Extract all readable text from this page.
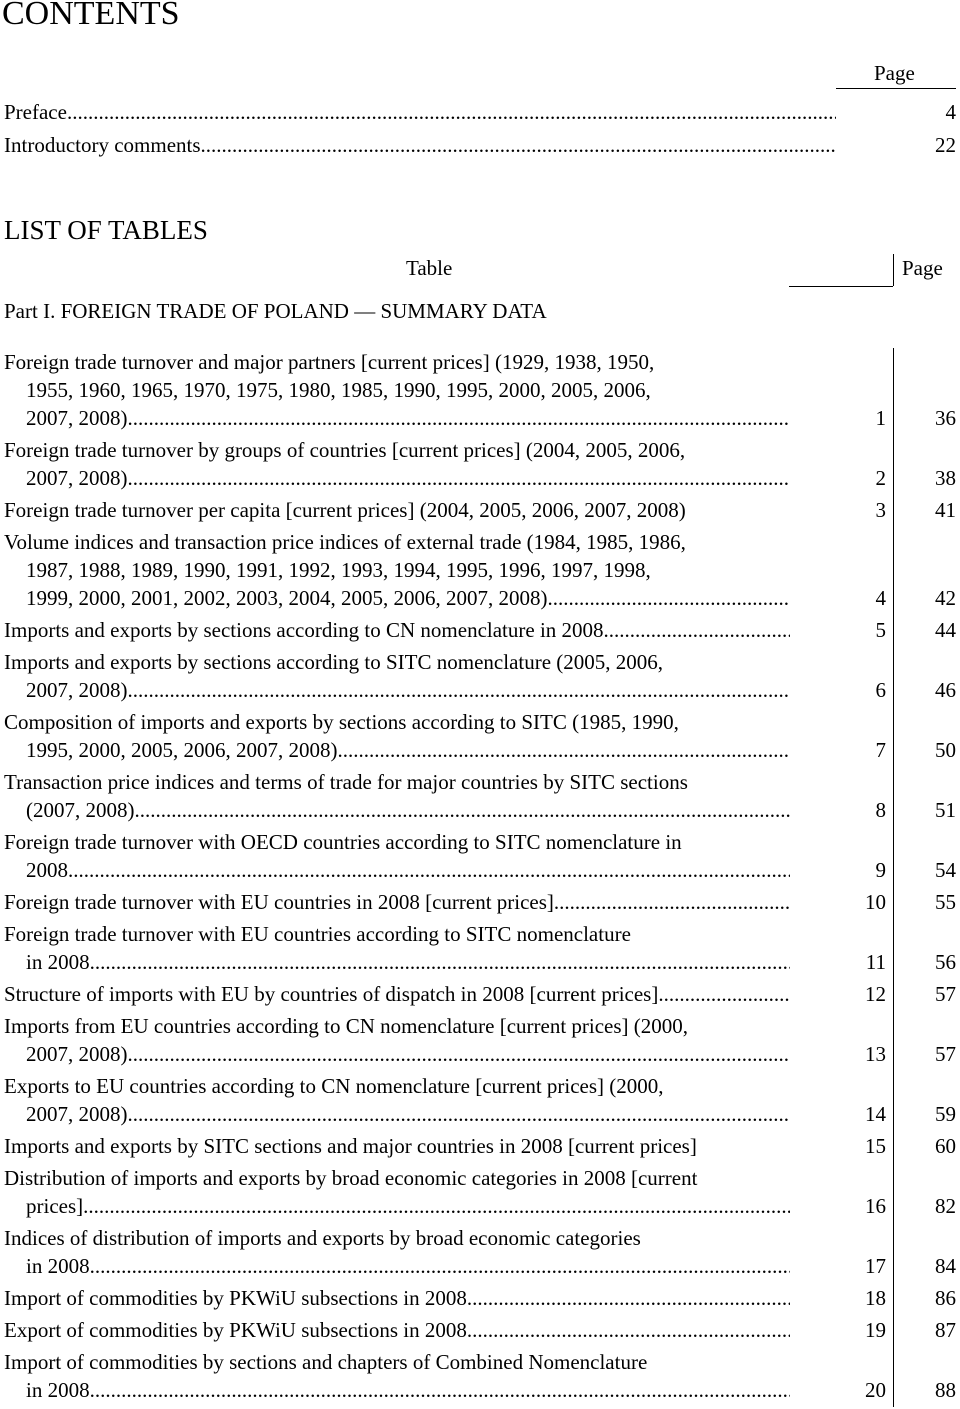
CONTENTS
Page
Preface .....	4
Introductory comments .....	22
LIST OF TABLES
Table	Page
Part I. FOREIGN TRADE OF POLAND — SUMMARY DATA
Foreign trade turnover and major partners [current prices] (1929, 1938, 1950,
1955, 1960, 1965, 1970, 1975, 1980, 1985, 1990, 1995, 2000, 2005, 2006,
2007, 2008) .....	1	36
Foreign trade turnover by groups of countries [current prices] (2004, 2005, 2006,
2007, 2008) .....	2	38
Foreign trade turnover per capita [current prices] (2004, 2005, 2006, 2007, 2008)	3	41
Volume indices and transaction price indices of external trade (1984, 1985, 1986,
1987, 1988, 1989, 1990, 1991, 1992, 1993, 1994, 1995, 1996, 1997, 1998,
1999, 2000, 2001, 2002, 2003, 2004, 2005, 2006, 2007, 2008) .....	4	42
Imports and exports by sections according to CN nomenclature in 2008 .....	5	44
Imports and exports by sections according to SITC nomenclature (2005, 2006,
2007, 2008) .....	6	46
Composition of imports and exports by sections according to SITC (1985, 1990,
1995, 2000, 2005, 2006, 2007, 2008) .....	7	50
Transaction price indices and terms of trade for major countries by SITC sections
(2007, 2008) .....	8	51
Foreign trade turnover with OECD countries according to SITC nomenclature in
2008 .....	9	54
Foreign trade turnover with EU countries in 2008 [current prices] .....	10	55
Foreign trade turnover with EU countries according to SITC nomenclature
in 2008 .....	11	56
Structure of imports with EU by countries of dispatch in 2008 [current prices] .....	12	57
Imports from EU countries according to CN nomenclature [current prices] (2000,
2007, 2008) .....	13	57
Exports to EU countries according to CN nomenclature [current prices] (2000,
2007, 2008) .....	14	59
Imports and exports by SITC sections and major countries in 2008 [current prices]	15	60
Distribution of imports and exports by broad economic categories in 2008 [current
prices] .....	16	82
Indices of distribution of imports and exports by broad economic categories
in 2008 .....	17	84
Import of commodities by PKWiU subsections in 2008 .....	18	86
Export of commodities by PKWiU subsections in 2008 .....	19	87
Import of commodities by sections and chapters of Combined Nomenclature
in 2008 .....	20	88
